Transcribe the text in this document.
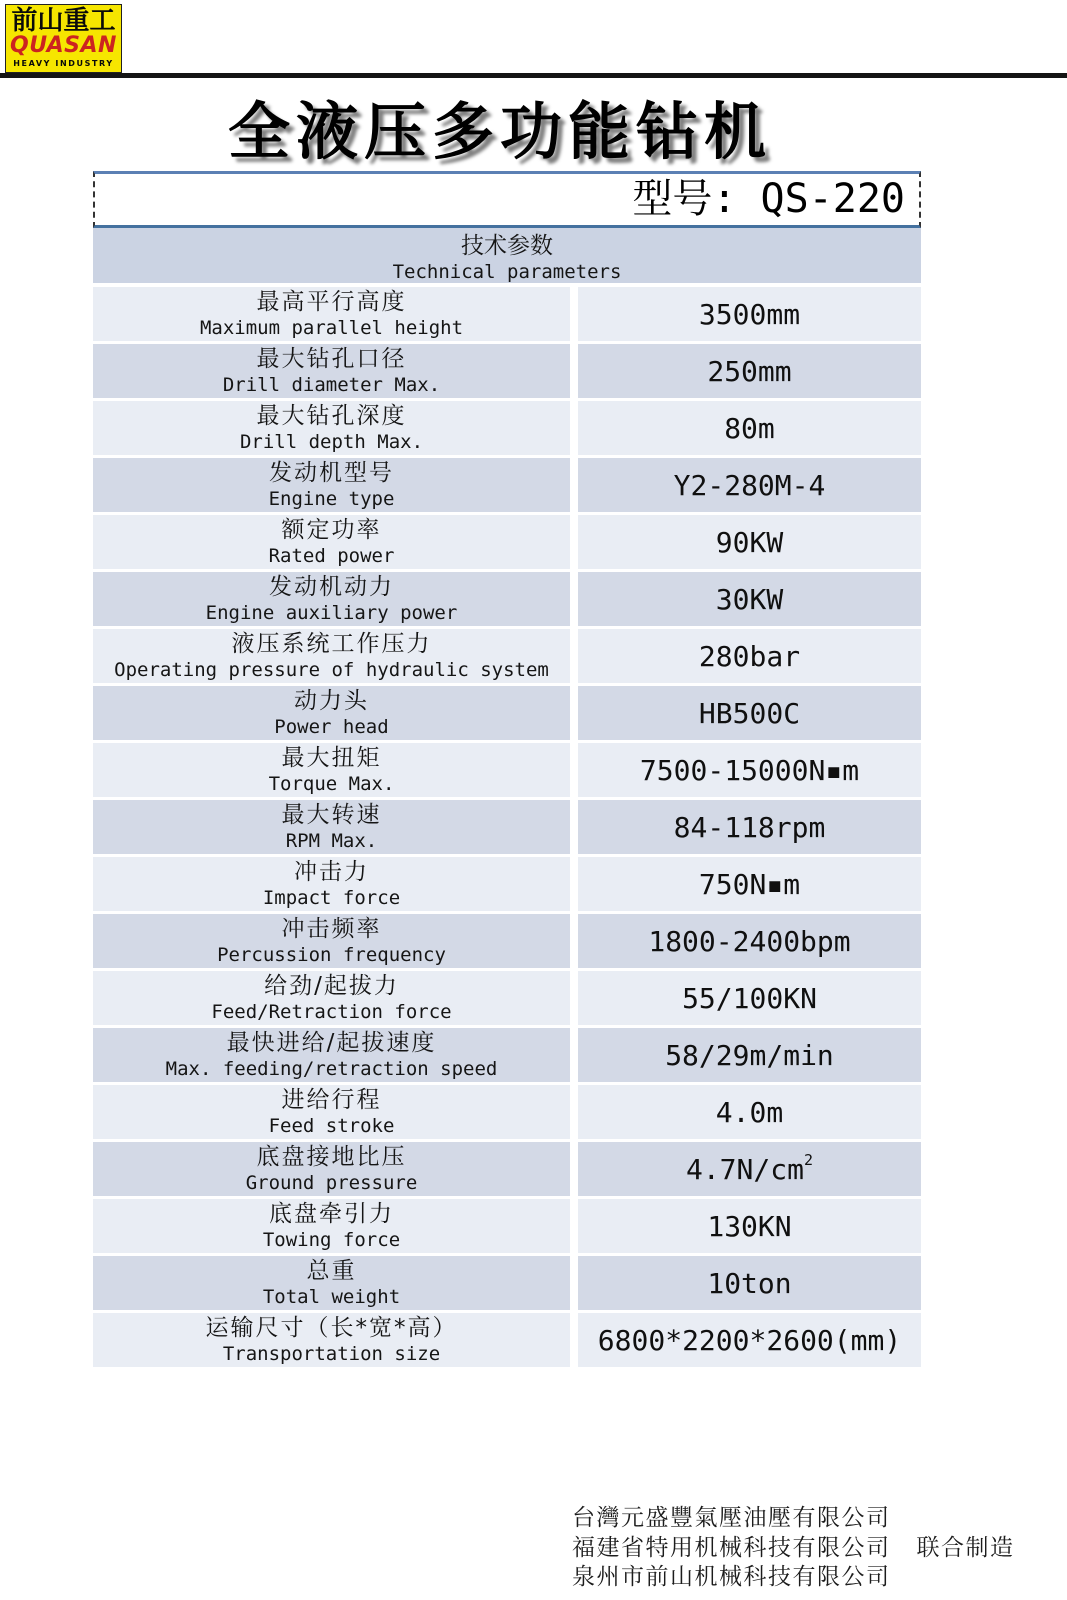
前山重工
QUASAN
HEAVY INDUSTRY
全液压多功能钻机
型号: QS-220
技术参数
Technical parameters
最高平行高度
Maximum parallel height	3500mm
最大钻孔口径
Drill diameter Max.	250mm
最大钻孔深度
Drill depth Max.	80m
发动机型号
Engine type	Y2-280M-4
额定功率
Rated power	90KW
发动机动力
Engine auxiliary power	30KW
液压系统工作压力
Operating pressure of hydraulic system	280bar
动力头
Power head	HB500C
最大扭矩
Torque Max.	7500-15000N▪m
最大转速
RPM Max.	84-118rpm
冲击力
Impact force	750N▪m
冲击频率
Percussion frequency	1800-2400bpm
给劲/起拔力
Feed/Retraction force	55/100KN
最快进给/起拔速度
Max. feeding/retraction speed	58/29m/min
进给行程
Feed stroke	4.0m
底盘接地比压
Ground pressure	$4.7N/cm^2$
底盘牵引力
Towing force	130KN
总重
Total weight	10ton
运输尺寸（长*宽*高）
Transportation size	6800*2200*2600(mm)
台灣元盛豐氣壓油壓有限公司
福建省特用机械科技有限公司 联合制造
泉州市前山机械科技有限公司
